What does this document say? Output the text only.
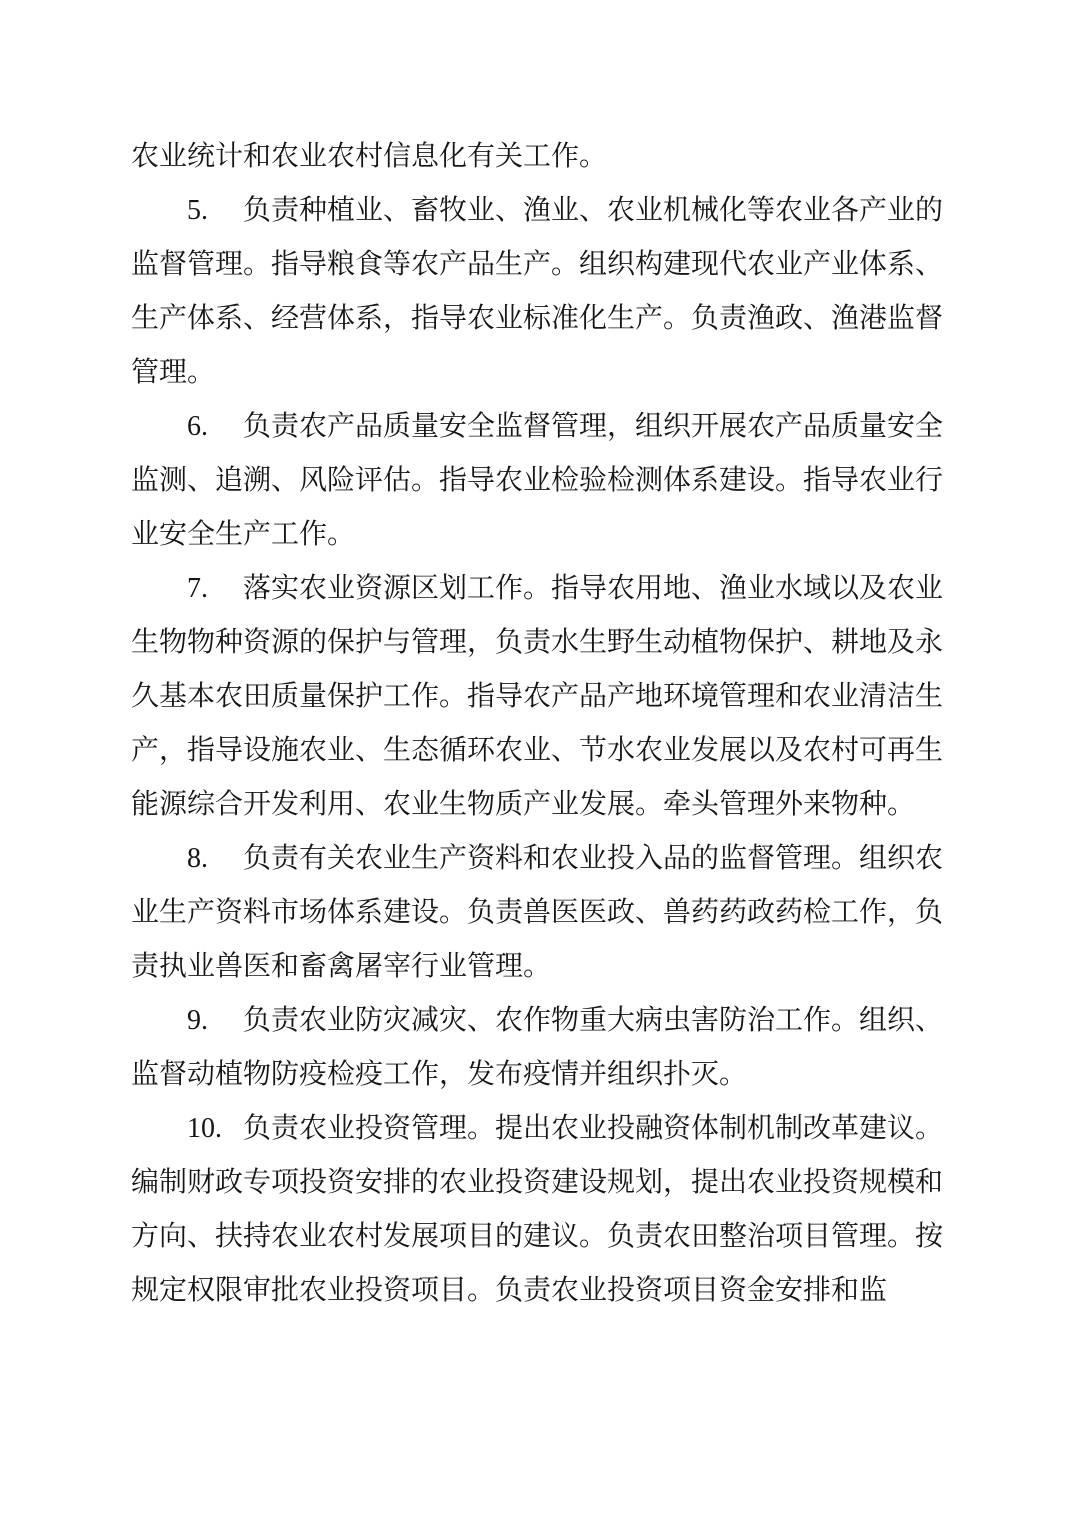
农业统计和农业农村信息化有关工作。

5. 负责种植业、畜牧业、渔业、农业机械化等农业各产业的监督管理。指导粮食等农产品生产。组织构建现代农业产业体系、生产体系、经营体系，指导农业标准化生产。负责渔政、渔港监督管理。

6. 负责农产品质量安全监督管理，组织开展农产品质量安全监测、追溯、风险评估。指导农业检验检测体系建设。指导农业行业安全生产工作。

7. 落实农业资源区划工作。指导农用地、渔业水域以及农业生物物种资源的保护与管理，负责水生野生动植物保护、耕地及永久基本农田质量保护工作。指导农产品产地环境管理和农业清洁生产，指导设施农业、生态循环农业、节水农业发展以及农村可再生能源综合开发利用、农业生物质产业发展。牵头管理外来物种。

8. 负责有关农业生产资料和农业投入品的监督管理。组织农业生产资料市场体系建设。负责兽医医政、兽药药政药检工作，负责执业兽医和畜禽屠宰行业管理。

9. 负责农业防灾减灾、农作物重大病虫害防治工作。组织、监督动植物防疫检疫工作，发布疫情并组织扑灭。

10. 负责农业投资管理。提出农业投融资体制机制改革建议。编制财政专项投资安排的农业投资建设规划，提出农业投资规模和方向、扶持农业农村发展项目的建议。负责农田整治项目管理。按规定权限审批农业投资项目。负责农业投资项目资金安排和监
